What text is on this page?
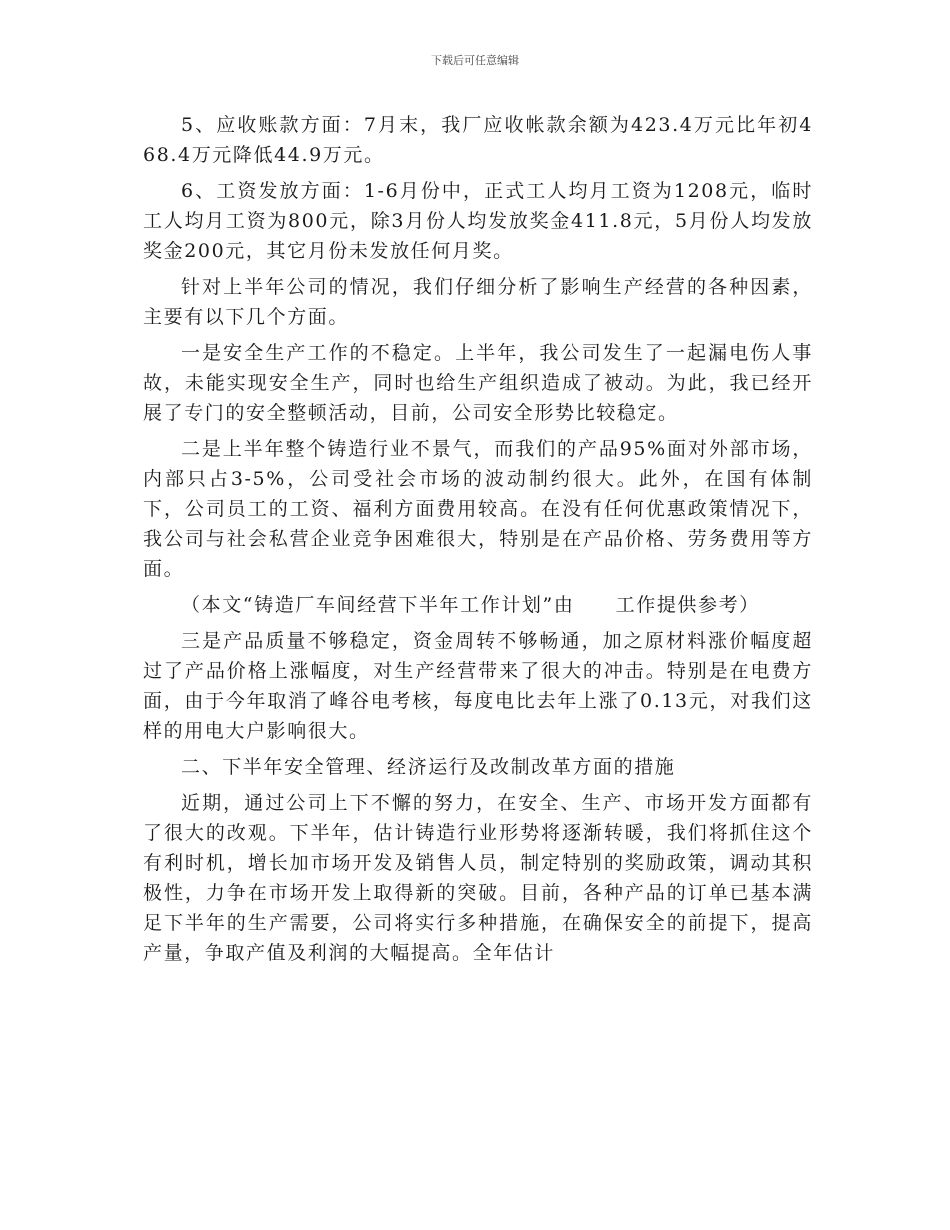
下载后可任意编辑

5、应收账款方面：7月末，我厂应收帐款余额为423.4万元比年初468.4万元降低44.9万元。

6、工资发放方面：1-6月份中，正式工人均月工资为1208元，临时工人均月工资为800元，除3月份人均发放奖金411.8元，5月份人均发放奖金200元，其它月份未发放任何月奖。

针对上半年公司的情况，我们仔细分析了影响生产经营的各种因素，主要有以下几个方面。

一是安全生产工作的不稳定。上半年，我公司发生了一起漏电伤人事故，未能实现安全生产，同时也给生产组织造成了被动。为此，我已经开展了专门的安全整顿活动，目前，公司安全形势比较稳定。

二是上半年整个铸造行业不景气，而我们的产品95%面对外部市场，内部只占3-5%，公司受社会市场的波动制约很大。此外，在国有体制下，公司员工的工资、福利方面费用较高。在没有任何优惠政策情况下，我公司与社会私营企业竞争困难很大，特别是在产品价格、劳务费用等方面。

（本文“铸造厂车间经营下半年工作计划”由　　工作提供参考）

三是产品质量不够稳定，资金周转不够畅通，加之原材料涨价幅度超过了产品价格上涨幅度，对生产经营带来了很大的冲击。特别是在电费方面，由于今年取消了峰谷电考核，每度电比去年上涨了0.13元，对我们这样的用电大户影响很大。

二、下半年安全管理、经济运行及改制改革方面的措施

近期，通过公司上下不懈的努力，在安全、生产、市场开发方面都有了很大的改观。下半年，估计铸造行业形势将逐渐转暖，我们将抓住这个有利时机，增长加市场开发及销售人员，制定特别的奖励政策，调动其积极性，力争在市场开发上取得新的突破。目前，各种产品的订单已基本满足下半年的生产需要，公司将实行多种措施，在确保安全的前提下，提高产量，争取产值及利润的大幅提高。全年估计
